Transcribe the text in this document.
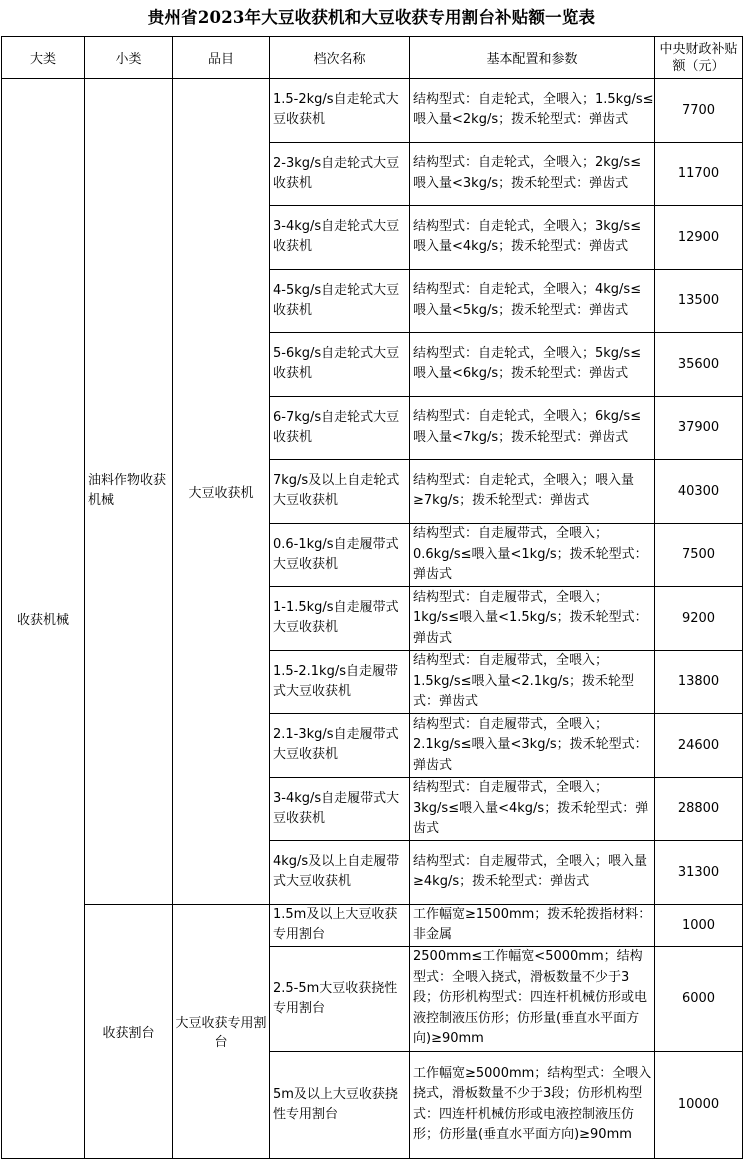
贵州省2023年大豆收获机和大豆收获专用割台补贴额一览表
大类	小类	品目	档次名称	基本配置和参数	中央财政补贴额（元）
收获机械	油料作物收获机械	大豆收获机	1.5-2kg/s自走轮式大豆收获机	结构型式：自走轮式，全喂入；1.5kg/s≤喂入量<2kg/s；拨禾轮型式：弹齿式	7700
			2-3kg/s自走轮式大豆收获机	结构型式：自走轮式，全喂入；2kg/s≤喂入量<3kg/s；拨禾轮型式：弹齿式	11700
			3-4kg/s自走轮式大豆收获机	结构型式：自走轮式，全喂入；3kg/s≤喂入量<4kg/s；拨禾轮型式：弹齿式	12900
			4-5kg/s自走轮式大豆收获机	结构型式：自走轮式，全喂入；4kg/s≤喂入量<5kg/s；拨禾轮型式：弹齿式	13500
			5-6kg/s自走轮式大豆收获机	结构型式：自走轮式，全喂入；5kg/s≤喂入量<6kg/s；拨禾轮型式：弹齿式	35600
			6-7kg/s自走轮式大豆收获机	结构型式：自走轮式，全喂入；6kg/s≤喂入量<7kg/s；拨禾轮型式：弹齿式	37900
			7kg/s及以上自走轮式大豆收获机	结构型式：自走轮式，全喂入；喂入量≥7kg/s；拨禾轮型式：弹齿式	40300
			0.6-1kg/s自走履带式大豆收获机	结构型式：自走履带式，全喂入；0.6kg/s≤喂入量<1kg/s；拨禾轮型式：弹齿式	7500
			1-1.5kg/s自走履带式大豆收获机	结构型式：自走履带式，全喂入；1kg/s≤喂入量<1.5kg/s；拨禾轮型式：弹齿式	9200
			1.5-2.1kg/s自走履带式大豆收获机	结构型式：自走履带式，全喂入；1.5kg/s≤喂入量<2.1kg/s；拨禾轮型式：弹齿式	13800
			2.1-3kg/s自走履带式大豆收获机	结构型式：自走履带式，全喂入；2.1kg/s≤喂入量<3kg/s；拨禾轮型式：弹齿式	24600
			3-4kg/s自走履带式大豆收获机	结构型式：自走履带式，全喂入；3kg/s≤喂入量<4kg/s；拨禾轮型式：弹齿式	28800
			4kg/s及以上自走履带式大豆收获机	结构型式：自走履带式，全喂入；喂入量≥4kg/s；拨禾轮型式：弹齿式	31300
	收获割台	大豆收获专用割台	1.5m及以上大豆收获专用割台	工作幅宽≥1500mm；拨禾轮拨指材料：非金属	1000
			2.5-5m大豆收获挠性专用割台	2500mm≤工作幅宽<5000mm；结构型式：全喂入挠式，滑板数量不少于3段；仿形机构型式：四连杆机械仿形或电液控制液压仿形；仿形量(垂直水平面方向)≥90mm	6000
			5m及以上大豆收获挠性专用割台	工作幅宽≥5000mm；结构型式：全喂入挠式，滑板数量不少于3段；仿形机构型式：四连杆机械仿形或电液控制液压仿形；仿形量(垂直水平面方向)≥90mm	10000
